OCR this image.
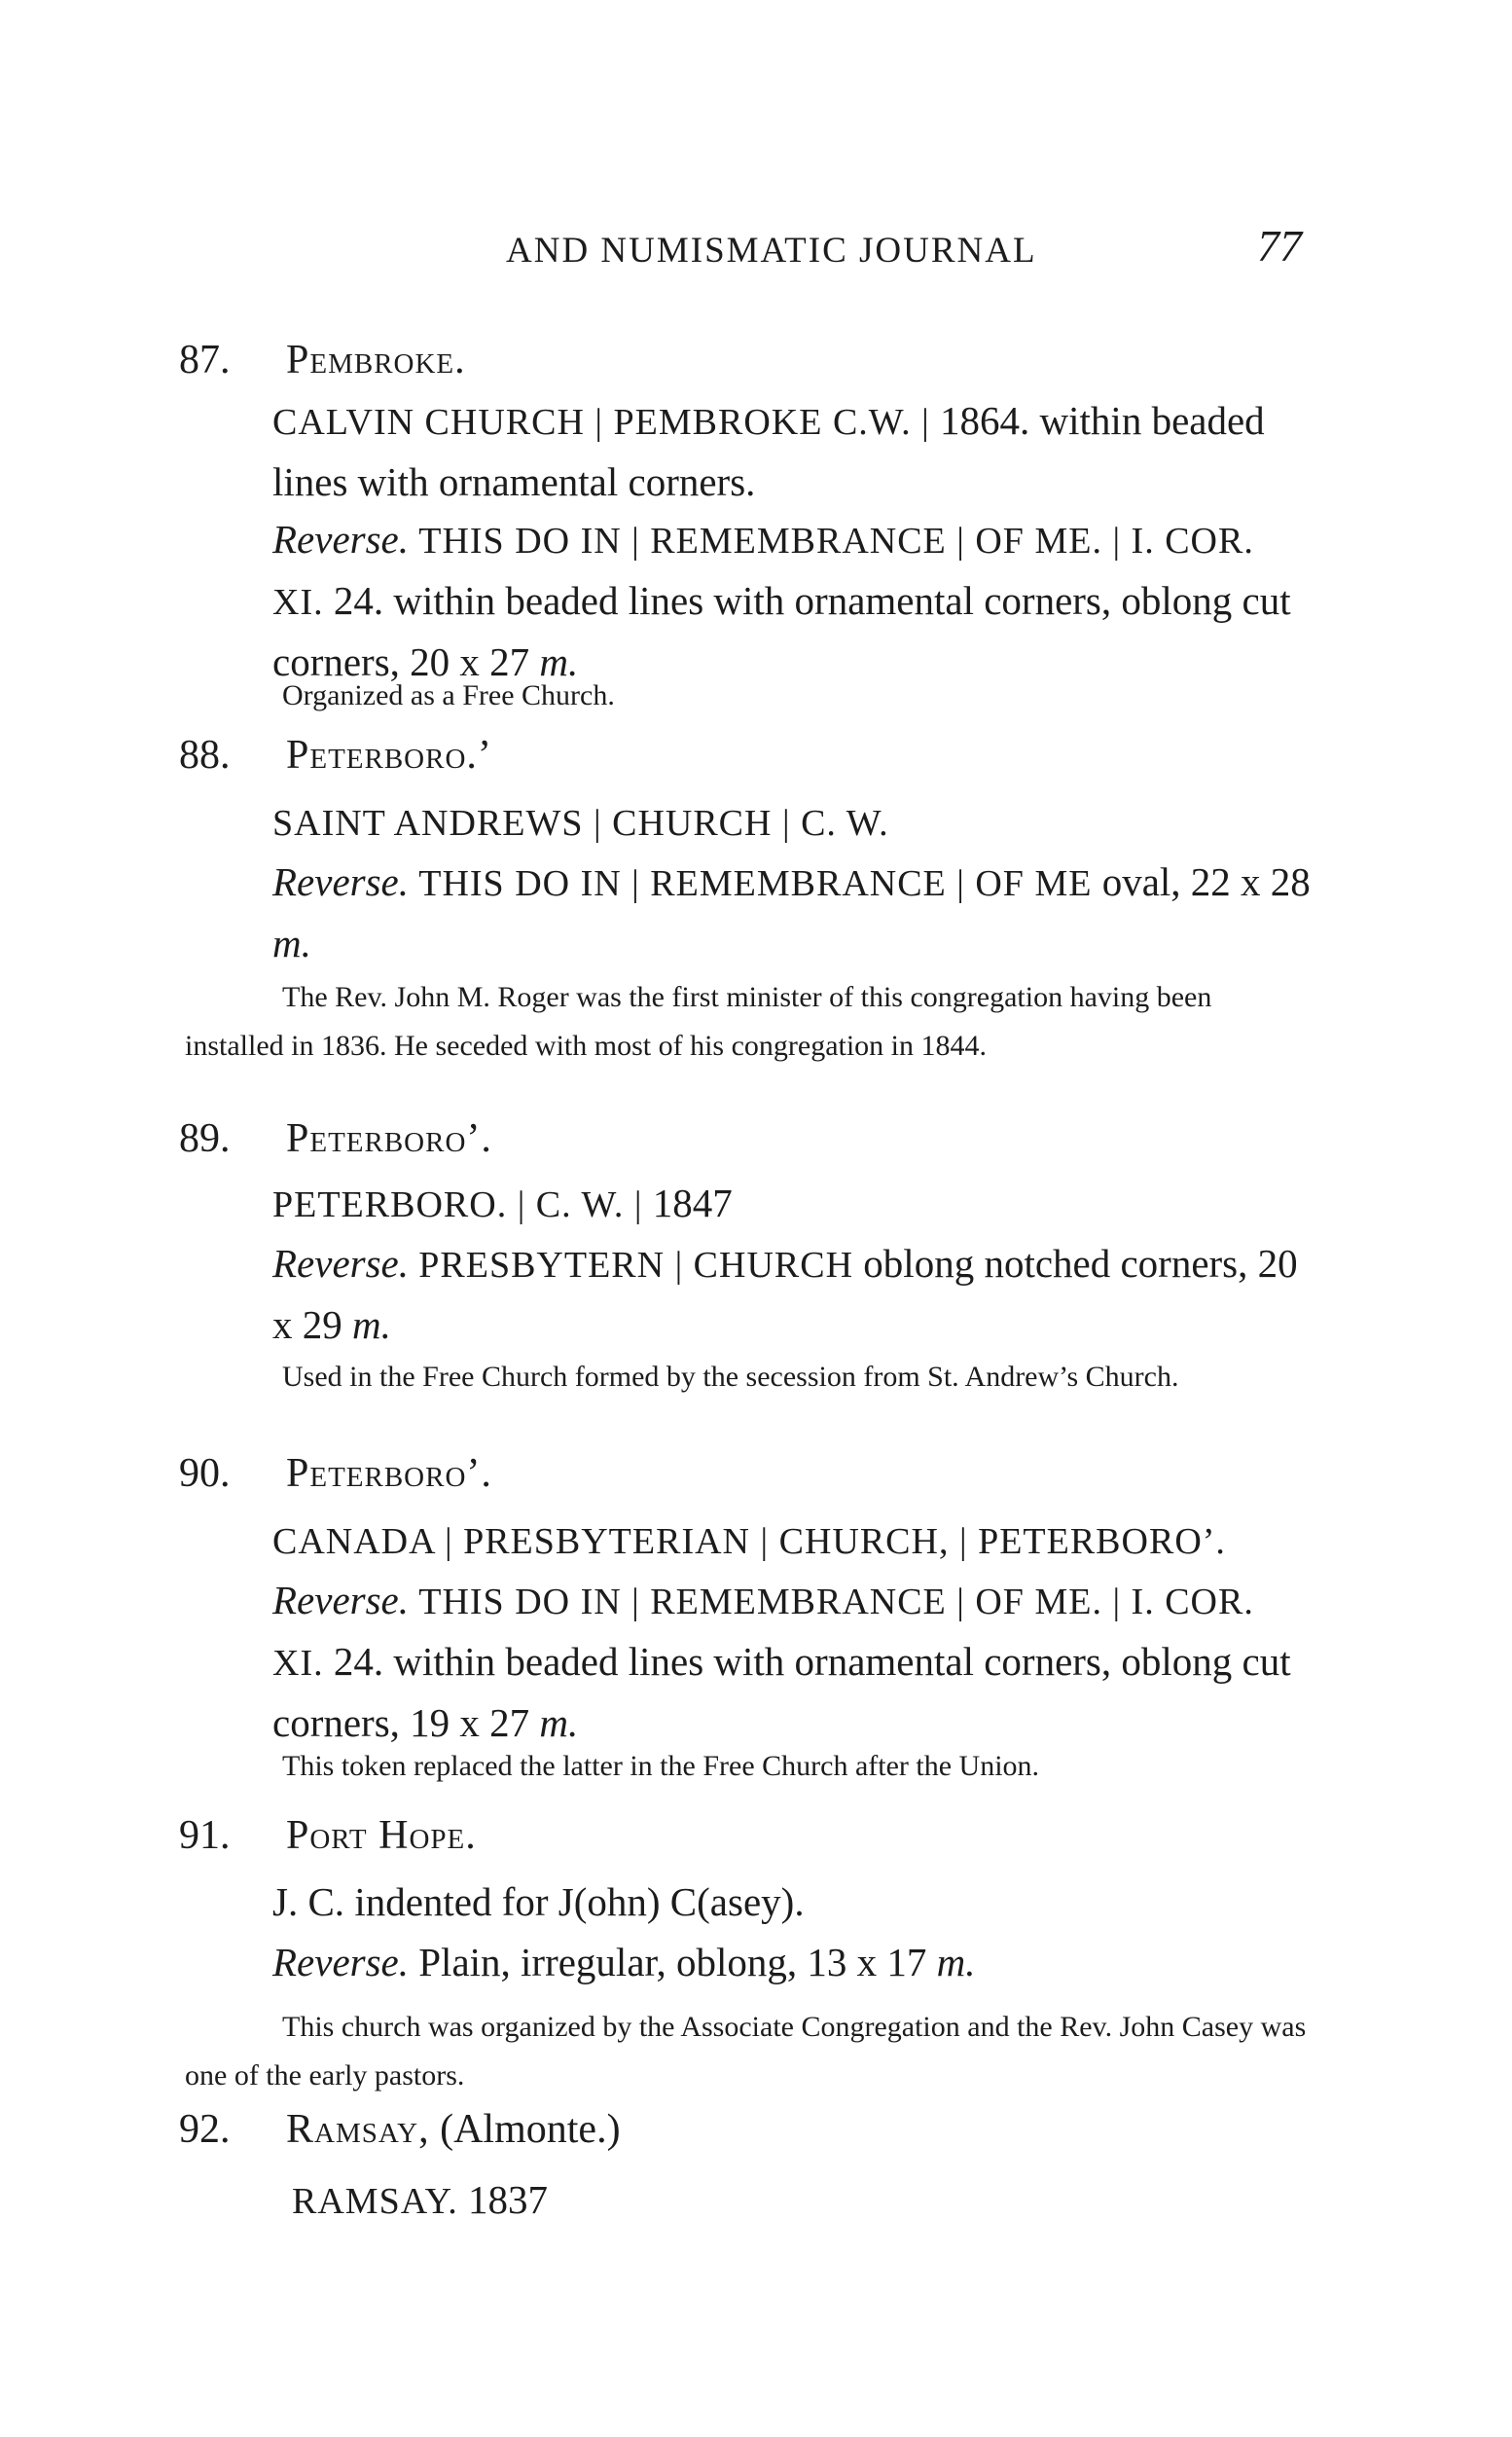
AND NUMISMATIC JOURNAL	77
87. Pembroke.
CALVIN CHURCH | PEMBROKE C.W. | 1864. within beaded lines with ornamental corners.
Reverse. THIS DO IN | REMEMBRANCE | OF ME. | I. COR. XI. 24. within beaded lines with ornamental corners, oblong cut corners, 20 x 27 m.
Organized as a Free Church.
88. Peterboro.’
SAINT ANDREWS | CHURCH | C. W.
Reverse. THIS DO IN | REMEMBRANCE | OF ME oval, 22 x 28 m.
The Rev. John M. Roger was the first minister of this congregation having been installed in 1836. He seceded with most of his congregation in 1844.
89. Peterboro’.
PETERBORO. | C. W. | 1847
Reverse. PRESBYTERN | CHURCH oblong notched corners, 20 x 29 m.
Used in the Free Church formed by the secession from St. Andrew’s Church.
90. Peterboro’.
CANADA | PRESBYTERIAN | CHURCH, | PETERBORO’.
Reverse. THIS DO IN | REMEMBRANCE | OF ME. | I. COR. XI. 24. within beaded lines with ornamental corners, oblong cut corners, 19 x 27 m.
This token replaced the latter in the Free Church after the Union.
91. Port Hope.
J. C. indented for J(ohn) C(asey).
Reverse. Plain, irregular, oblong, 13 x 17 m.
This church was organized by the Associate Congregation and the Rev. John Casey was one of the early pastors.
92. Ramsay, (Almonte.)
RAMSAY. 1837
